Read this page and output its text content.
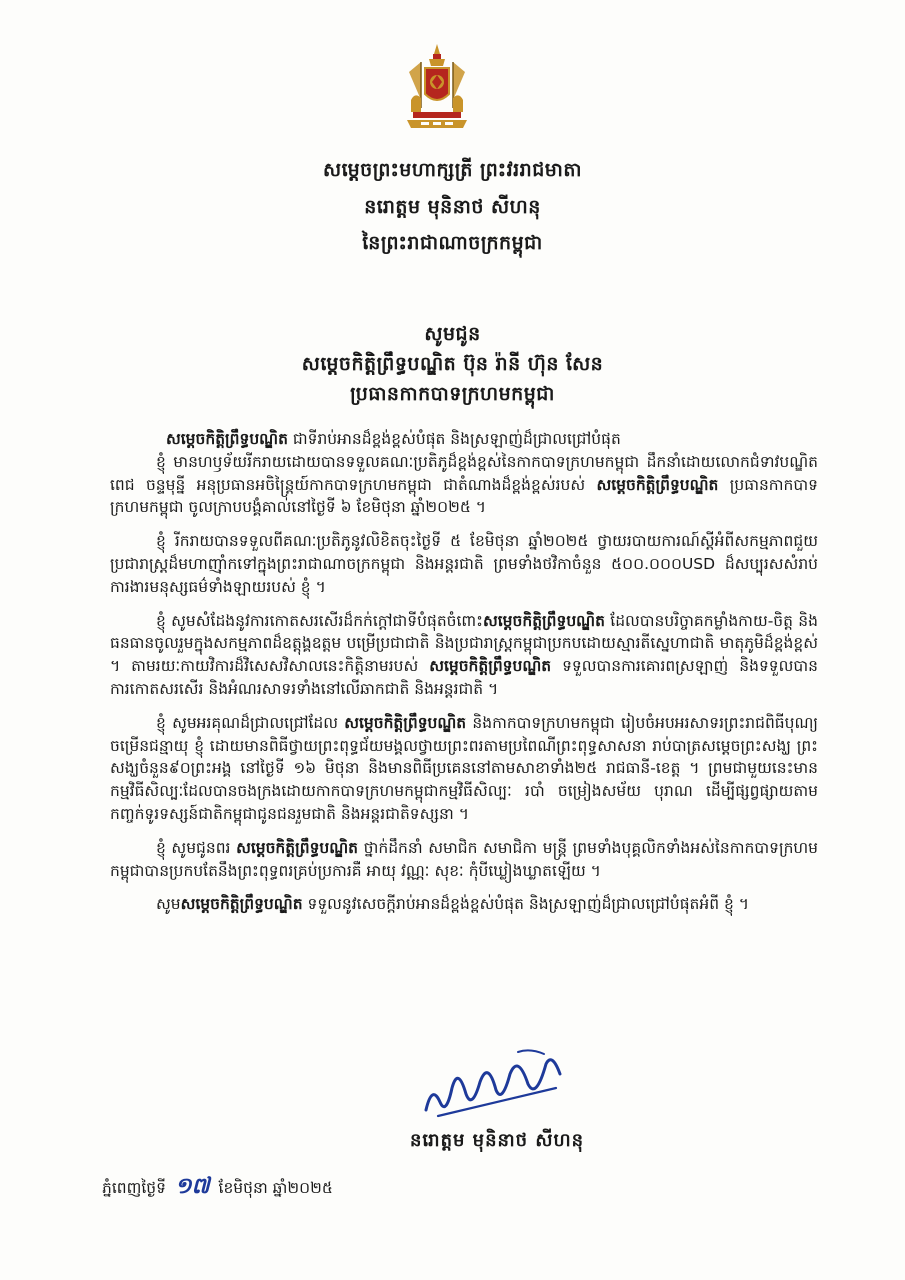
សម្តេចព្រះមហាក្សត្រី ព្រះវររាជមាតា
នរោត្តម មុនិនាថ សីហនុ
នៃព្រះរាជាណាចក្រកម្ពុជា
សូមជូន
សម្តេចកិត្តិព្រឹទ្ធបណ្ឌិត ប៊ុន រ៉ានី ហ៊ុន សែន
ប្រធានកាកបាទក្រហមកម្ពុជា

សម្តេចកិត្តិព្រឹទ្ធបណ្ឌិត ជាទីរាប់អានដ៏ខ្ពង់ខ្ពស់បំផុត និងស្រឡាញ់ដ៏ជ្រាលជ្រៅបំផុត

ខ្ញុំ មានហឫទ័យរីករាយដោយបានទទួលគណៈប្រតិភូដ៏ខ្ពង់ខ្ពស់នៃកាកបាទក្រហមកម្ពុជា ដឹកនាំដោយលោកជំទាវបណ្ឌិត ពេជ ចន្ទមុន្នី អនុប្រធានអចិន្ត្រៃយ៍កាកបាទក្រហមកម្ពុជា ជាតំណាងដ៏ខ្ពង់ខ្ពស់របស់ សម្តេចកិត្តិព្រឹទ្ធបណ្ឌិត ប្រធានកាកបាទក្រហមកម្ពុជា ចូលក្រាបបង្គំគាល់នៅថ្ងៃទី ៦ ខែមិថុនា ឆ្នាំ២០២៥ ។

ខ្ញុំ រីករាយបានទទួលពីគណៈប្រតិភូនូវលិខិតចុះថ្ងៃទី ៥ ខែមិថុនា ឆ្នាំ២០២៥ ថ្វាយរបាយការណ៍ស្តីអំពីសកម្មភាពជួយប្រជារាស្ត្រដ៏មហាញ៉ាំកទៅក្នុងព្រះរាជាណាចក្រកម្ពុជា និងអន្តរជាតិ ព្រមទាំងថវិកាចំនួន ៥០០.០០០USD ដ៏សប្បុរសសំរាប់ការងារមនុស្សធម៌ទាំងឡាយរបស់ ខ្ញុំ ។

ខ្ញុំ សូមសំដែងនូវការកោតសរសើរដ៏កក់ក្តៅជាទីបំផុតចំពោះសម្តេចកិត្តិព្រឹទ្ធបណ្ឌិត ដែលបានបរិច្ចាគកម្លាំងកាយ-ចិត្ត និងធនធានចូលរួមក្នុងសកម្មភាពដ៏ឧត្តុង្គឧត្តម បម្រើប្រជាជាតិ និងប្រជារាស្ត្រកម្ពុជាប្រកបដោយស្មារតីស្នេហាជាតិ មាតុភូមិដ៏ខ្ពង់ខ្ពស់ ។ តាមរយៈកាយវិការដ៏វិសេសវិសាលនេះកិត្តិនាមរបស់ សម្តេចកិត្តិព្រឹទ្ធបណ្ឌិត ទទួលបានការគោរពស្រឡាញ់ និងទទួលបានការកោតសរសើរ និងអំណរសាទរទាំងនៅលើឆាកជាតិ និងអន្តរជាតិ ។

ខ្ញុំ សូមអរគុណដ៏ជ្រាលជ្រៅដែល សម្តេចកិត្តិព្រឹទ្ធបណ្ឌិត និងកាកបាទក្រហមកម្ពុជា រៀបចំអបអរសាទរព្រះរាជពិធីបុណ្យចម្រើនជន្មាយុ ខ្ញុំ ដោយមានពិធីថ្វាយព្រះពុទ្ធជ័យមង្គលថ្វាយព្រះពរតាមប្រពៃណីព្រះពុទ្ធសាសនា រាប់បាត្រសម្តេចព្រះសង្ឃ ព្រះសង្ឃចំនួន៩០ព្រះអង្គ នៅថ្ងៃទី ១៦ មិថុនា និងមានពិធីប្រគេននៅតាមសាខាទាំង២៥ រាជធានី-ខេត្ត ។ ព្រមជាមួយនេះមានកម្មវិធីសិល្បៈដែលបានចងក្រងដោយកាកបាទក្រហមកម្ពុជាកម្មវិធីសិល្បៈ របាំ ចម្រៀងសម័យ បុរាណ ដើម្បីផ្សព្វផ្សាយតាមកញ្ចក់ទូរទស្សន៍ជាតិកម្ពុជាជូនជនរួមជាតិ និងអន្តរជាតិទស្សនា ។

ខ្ញុំ សូមជូនពរ សម្តេចកិត្តិព្រឹទ្ធបណ្ឌិត ថ្នាក់ដឹកនាំ សមាជិក សមាជិកា មន្ត្រី ព្រមទាំងបុគ្គលិកទាំងអស់នៃកាកបាទក្រហមកម្ពុជាបានប្រកបតែនឹងព្រះពុទ្ធពរគ្រប់ប្រការគឺ អាយុ វណ្ណៈ សុខៈ កុំបីឃ្លៀងឃ្លាតឡើយ ។

សូមសម្តេចកិត្តិព្រឹទ្ធបណ្ឌិត ទទួលនូវសេចក្តីរាប់អានដ៏ខ្ពង់ខ្ពស់បំផុត និងស្រឡាញ់ដ៏ជ្រាលជ្រៅបំផុតអំពី ខ្ញុំ ។

នរោត្តម មុនិនាថ សីហនុ
ភ្នំពេញថ្ងៃទី ១៧ ខែមិថុនា ឆ្នាំ២០២៥
